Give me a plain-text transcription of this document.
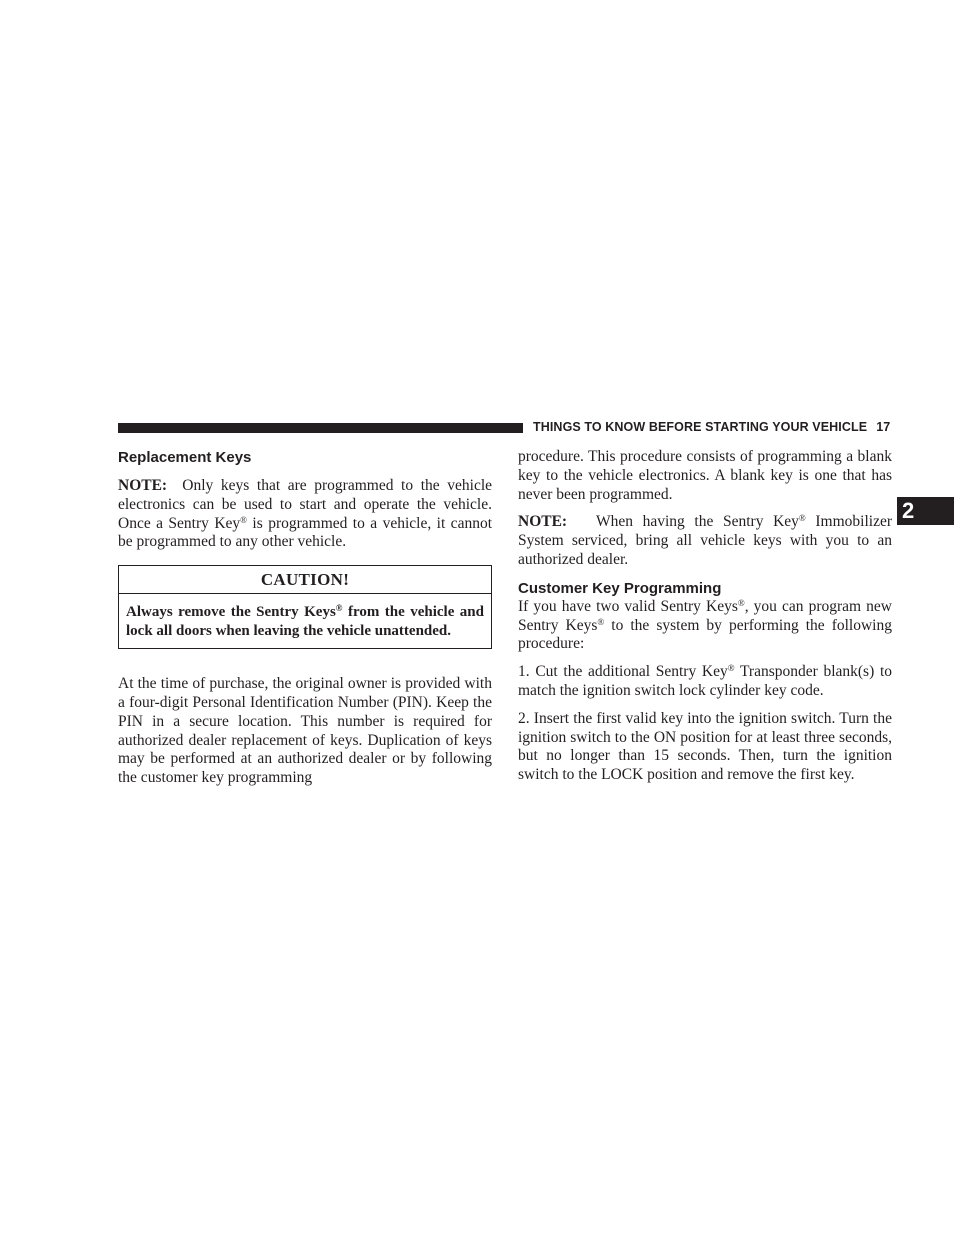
THINGS TO KNOW BEFORE STARTING YOUR VEHICLE 17
2
Replacement Keys

NOTE: Only keys that are programmed to the vehicle electronics can be used to start and operate the vehicle. Once a Sentry Key® is programmed to a vehicle, it cannot be programmed to any other vehicle.

CAUTION!
Always remove the Sentry Keys® from the vehicle and lock all doors when leaving the vehicle unattended.

At the time of purchase, the original owner is provided with a four-digit Personal Identification Number (PIN). Keep the PIN in a secure location. This number is required for authorized dealer replacement of keys. Duplication of keys may be performed at an authorized dealer or by following the customer key programming

procedure. This procedure consists of programming a blank key to the vehicle electronics. A blank key is one that has never been programmed.

NOTE: When having the Sentry Key® Immobilizer System serviced, bring all vehicle keys with you to an authorized dealer.

Customer Key Programming

If you have two valid Sentry Keys®, you can program new Sentry Keys® to the system by performing the following procedure:

1. Cut the additional Sentry Key® Transponder blank(s) to match the ignition switch lock cylinder key code.

2. Insert the first valid key into the ignition switch. Turn the ignition switch to the ON position for at least three seconds, but no longer than 15 seconds. Then, turn the ignition switch to the LOCK position and remove the first key.
